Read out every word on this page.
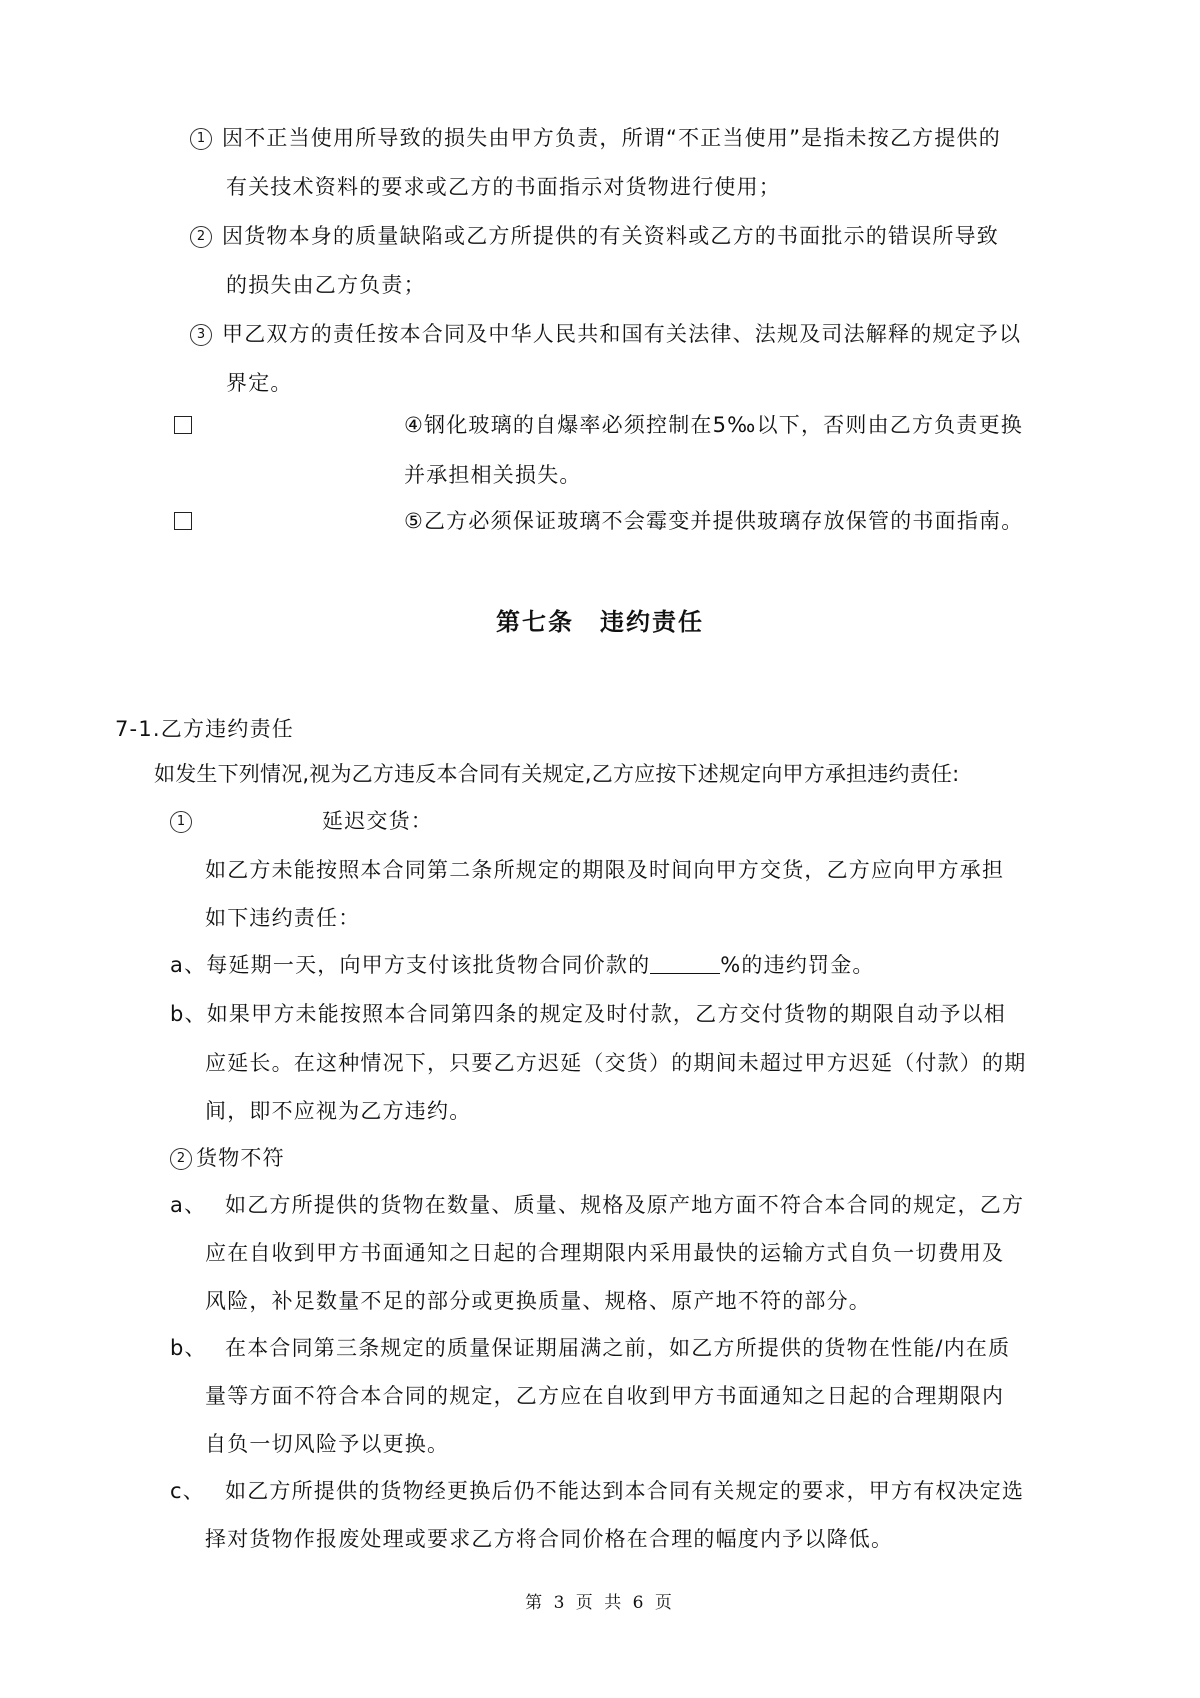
1 因不正当使用所导致的损失由甲方负责，所谓“不正当使用”是指未按乙方提供的
有关技术资料的要求或乙方的书面指示对货物进行使用；
2 因货物本身的质量缺陷或乙方所提供的有关资料或乙方的书面批示的错误所导致
的损失由乙方负责；
3 甲乙双方的责任按本合同及中华人民共和国有关法律、法规及司法解释的规定予以
界定。
④钢化玻璃的自爆率必须控制在5‰以下，否则由乙方负责更换
并承担相关损失。
⑤乙方必须保证玻璃不会霉变并提供玻璃存放保管的书面指南。
第七条　违约责任
7-1.乙方违约责任
如发生下列情况,视为乙方违反本合同有关规定,乙方应按下述规定向甲方承担违约责任:
1	延迟交货：
如乙方未能按照本合同第二条所规定的期限及时间向甲方交货，乙方应向甲方承担
如下违约责任：
a、每延期一天，向甲方支付该批货物合同价款的	%的违约罚金。
b、如果甲方未能按照本合同第四条的规定及时付款，乙方交付货物的期限自动予以相
应延长。在这种情况下，只要乙方迟延（交货）的期间未超过甲方迟延（付款）的期
间，即不应视为乙方违约。
2 货物不符
a、 如乙方所提供的货物在数量、质量、规格及原产地方面不符合本合同的规定，乙方
应在自收到甲方书面通知之日起的合理期限内采用最快的运输方式自负一切费用及
风险，补足数量不足的部分或更换质量、规格、原产地不符的部分。
b、 在本合同第三条规定的质量保证期届满之前，如乙方所提供的货物在性能/内在质
量等方面不符合本合同的规定，乙方应在自收到甲方书面通知之日起的合理期限内
自负一切风险予以更换。
c、 如乙方所提供的货物经更换后仍不能达到本合同有关规定的要求，甲方有权决定选
择对货物作报废处理或要求乙方将合同价格在合理的幅度内予以降低。
第 3 页 共 6 页
